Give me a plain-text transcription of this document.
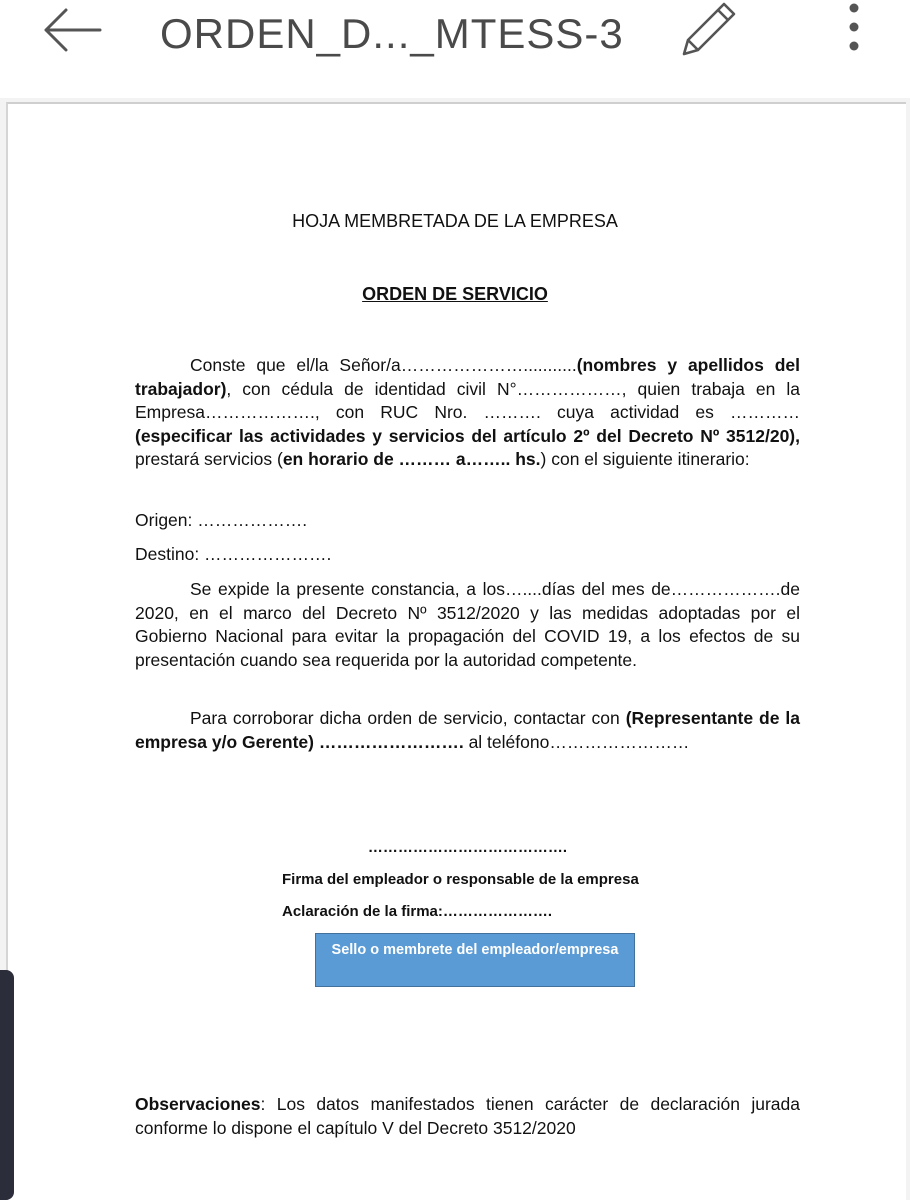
ORDEN_D..._MTESS-3
HOJA MEMBRETADA DE LA EMPRESA
ORDEN DE SERVICIO
Conste que el/la Señor/a…………………...........(nombres y apellidos del trabajador), con cédula de identidad civil N°………………, quien trabaja en la Empresa………………., con RUC Nro. ………. cuya actividad es …………(especificar las actividades y servicios del artículo 2º del Decreto Nº 3512/20), prestará servicios (en horario de ……… a…….. hs.) con el siguiente itinerario:
Origen: ……………….
Destino: ………………….
Se expide la presente constancia, a los…....días del mes de……………….de 2020, en el marco del Decreto Nº 3512/2020 y las medidas adoptadas por el Gobierno Nacional para evitar la propagación del COVID 19, a los efectos de su presentación cuando sea requerida por la autoridad competente.
Para corroborar dicha orden de servicio, contactar con (Representante de la empresa y/o Gerente) ……………………. al teléfono……………………
………………………………….
Firma del empleador o responsable de la empresa
Aclaración de la firma:………………….
Sello o membrete del empleador/empresa
Observaciones: Los datos manifestados tienen carácter de declaración jurada conforme lo dispone el capítulo V del Decreto 3512/2020
